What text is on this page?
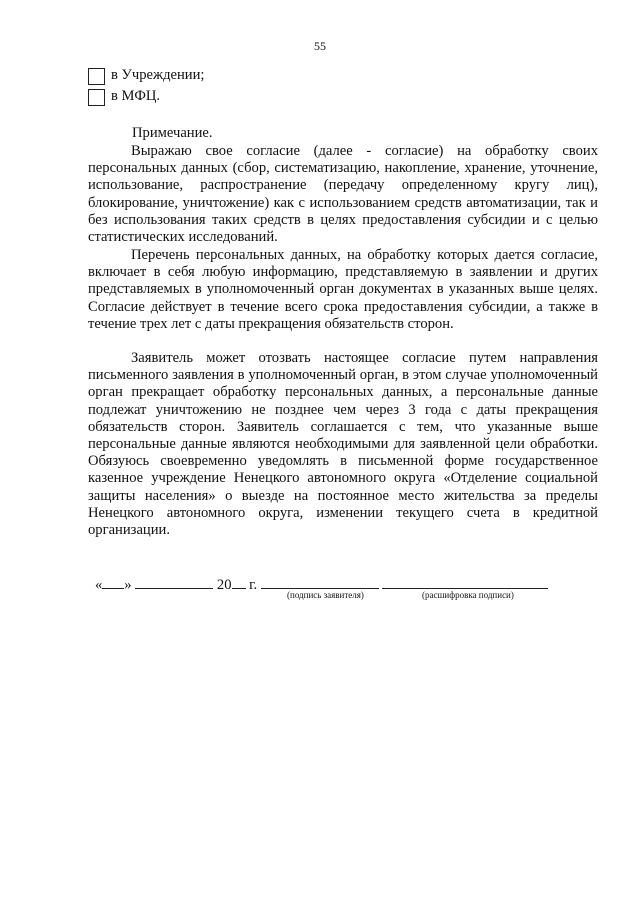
55
в Учреждении;
в МФЦ.
Примечание.

Выражаю свое согласие (далее - согласие) на обработку своих персональных данных (сбор, систематизацию, накопление, хранение, уточнение, использование, распространение (передачу определенному кругу лиц), блокирование, уничтожение) как с использованием средств автоматизации, так и без использования таких средств в целях предоставления субсидии и с целью статистических исследований.

Перечень персональных данных, на обработку которых дается согласие, включает в себя любую информацию, представляемую в заявлении и других представляемых в уполномоченный орган документах в указанных выше целях. Согласие действует в течение всего срока предоставления субсидии, а также в течение трех лет с даты прекращения обязательств сторон.

Заявитель может отозвать настоящее согласие путем направления письменного заявления в уполномоченный орган, в этом случае уполномоченный орган прекращает обработку персональных данных, а персональные данные подлежат уничтожению не позднее чем через 3 года с даты прекращения обязательств сторон. Заявитель соглашается с тем, что указанные выше персональные данные являются необходимыми для заявленной цели обработки. Обязуюсь своевременно уведомлять в письменной форме государственное казенное учреждение Ненецкого автономного округа «Отделение социальной защиты населения» о выезде на постоянное место жительства за пределы Ненецкого автономного округа, изменении текущего счета в кредитной организации.

« »	20 г.
(подпись заявителя)	(расшифровка подписи)
